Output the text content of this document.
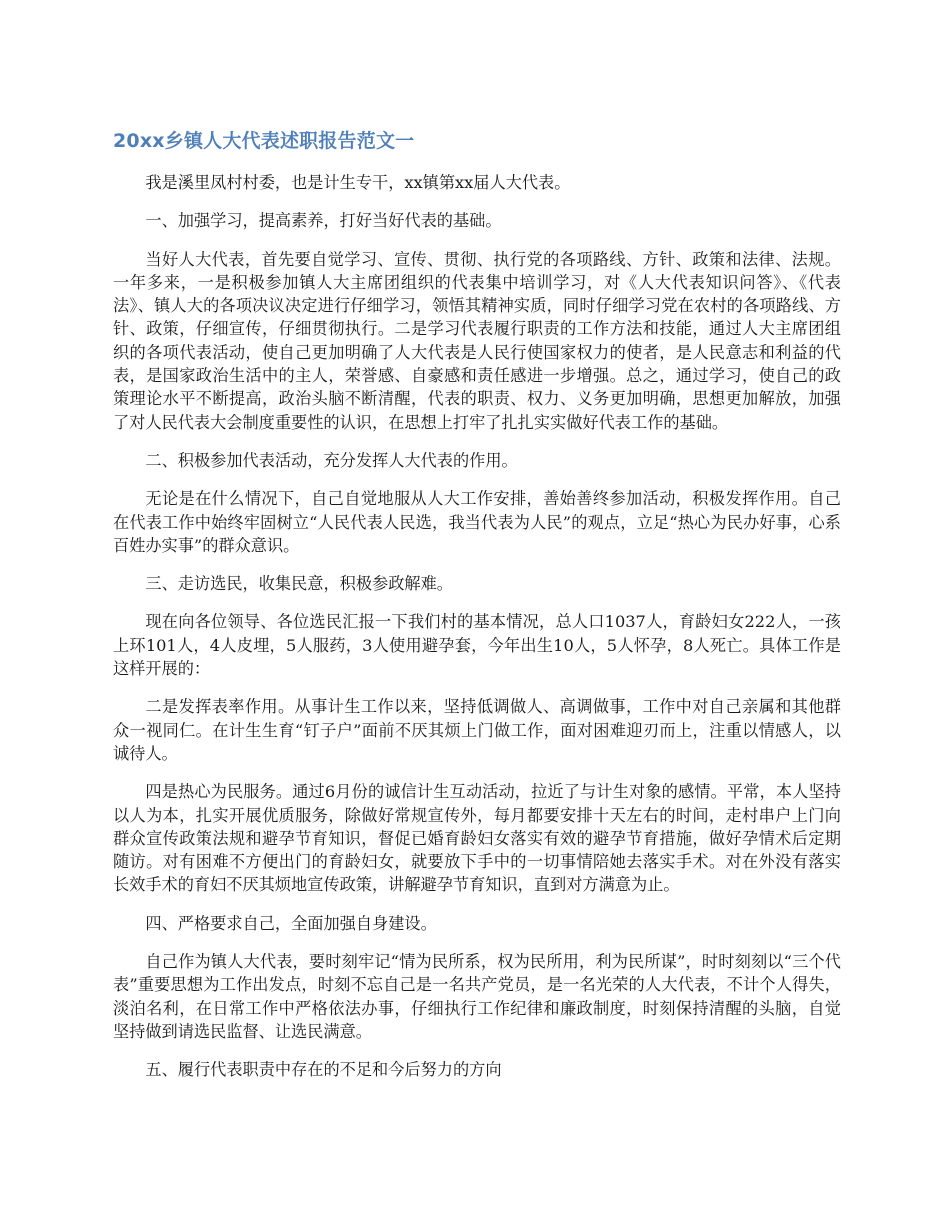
20xx乡镇人大代表述职报告范文一

我是溪里凤村村委，也是计生专干，xx镇第xx届人大代表。

一、加强学习，提高素养，打好当好代表的基础。

当好人大代表，首先要自觉学习、宣传、贯彻、执行党的各项路线、方针、政策和法律、法规。一年多来，一是积极参加镇人大主席团组织的代表集中培训学习，对《人大代表知识问答》、《代表法》、镇人大的各项决议决定进行仔细学习，领悟其精神实质，同时仔细学习党在农村的各项路线、方针、政策，仔细宣传，仔细贯彻执行。二是学习代表履行职责的工作方法和技能，通过人大主席团组织的各项代表活动，使自己更加明确了人大代表是人民行使国家权力的使者，是人民意志和利益的代表，是国家政治生活中的主人，荣誉感、自豪感和责任感进一步增强。总之，通过学习，使自己的政策理论水平不断提高，政治头脑不断清醒，代表的职责、权力、义务更加明确，思想更加解放，加强了对人民代表大会制度重要性的认识，在思想上打牢了扎扎实实做好代表工作的基础。

二、积极参加代表活动，充分发挥人大代表的作用。

无论是在什么情况下，自己自觉地服从人大工作安排，善始善终参加活动，积极发挥作用。自己在代表工作中始终牢固树立“人民代表人民选，我当代表为人民”的观点，立足“热心为民办好事，心系百姓办实事”的群众意识。

三、走访选民，收集民意，积极参政解难。

现在向各位领导、各位选民汇报一下我们村的基本情况，总人口1037人，育龄妇女222人，一孩上环101人，4人皮埋，5人服药，3人使用避孕套，今年出生10人，5人怀孕，8人死亡。具体工作是这样开展的：

二是发挥表率作用。从事计生工作以来，坚持低调做人、高调做事，工作中对自己亲属和其他群众一视同仁。在计生生育“钉子户”面前不厌其烦上门做工作，面对困难迎刃而上，注重以情感人，以诚待人。

四是热心为民服务。通过6月份的诚信计生互动活动，拉近了与计生对象的感情。平常，本人坚持以人为本，扎实开展优质服务，除做好常规宣传外，每月都要安排十天左右的时间，走村串户上门向群众宣传政策法规和避孕节育知识，督促已婚育龄妇女落实有效的避孕节育措施，做好孕情术后定期随访。对有困难不方便出门的育龄妇女，就要放下手中的一切事情陪她去落实手术。对在外没有落实长效手术的育妇不厌其烦地宣传政策，讲解避孕节育知识，直到对方满意为止。

四、严格要求自己，全面加强自身建设。

自己作为镇人大代表，要时刻牢记“情为民所系，权为民所用，利为民所谋”，时时刻刻以“三个代表”重要思想为工作出发点，时刻不忘自己是一名共产党员，是一名光荣的人大代表，不计个人得失，淡泊名利，在日常工作中严格依法办事，仔细执行工作纪律和廉政制度，时刻保持清醒的头脑，自觉坚持做到请选民监督、让选民满意。

五、履行代表职责中存在的不足和今后努力的方向
